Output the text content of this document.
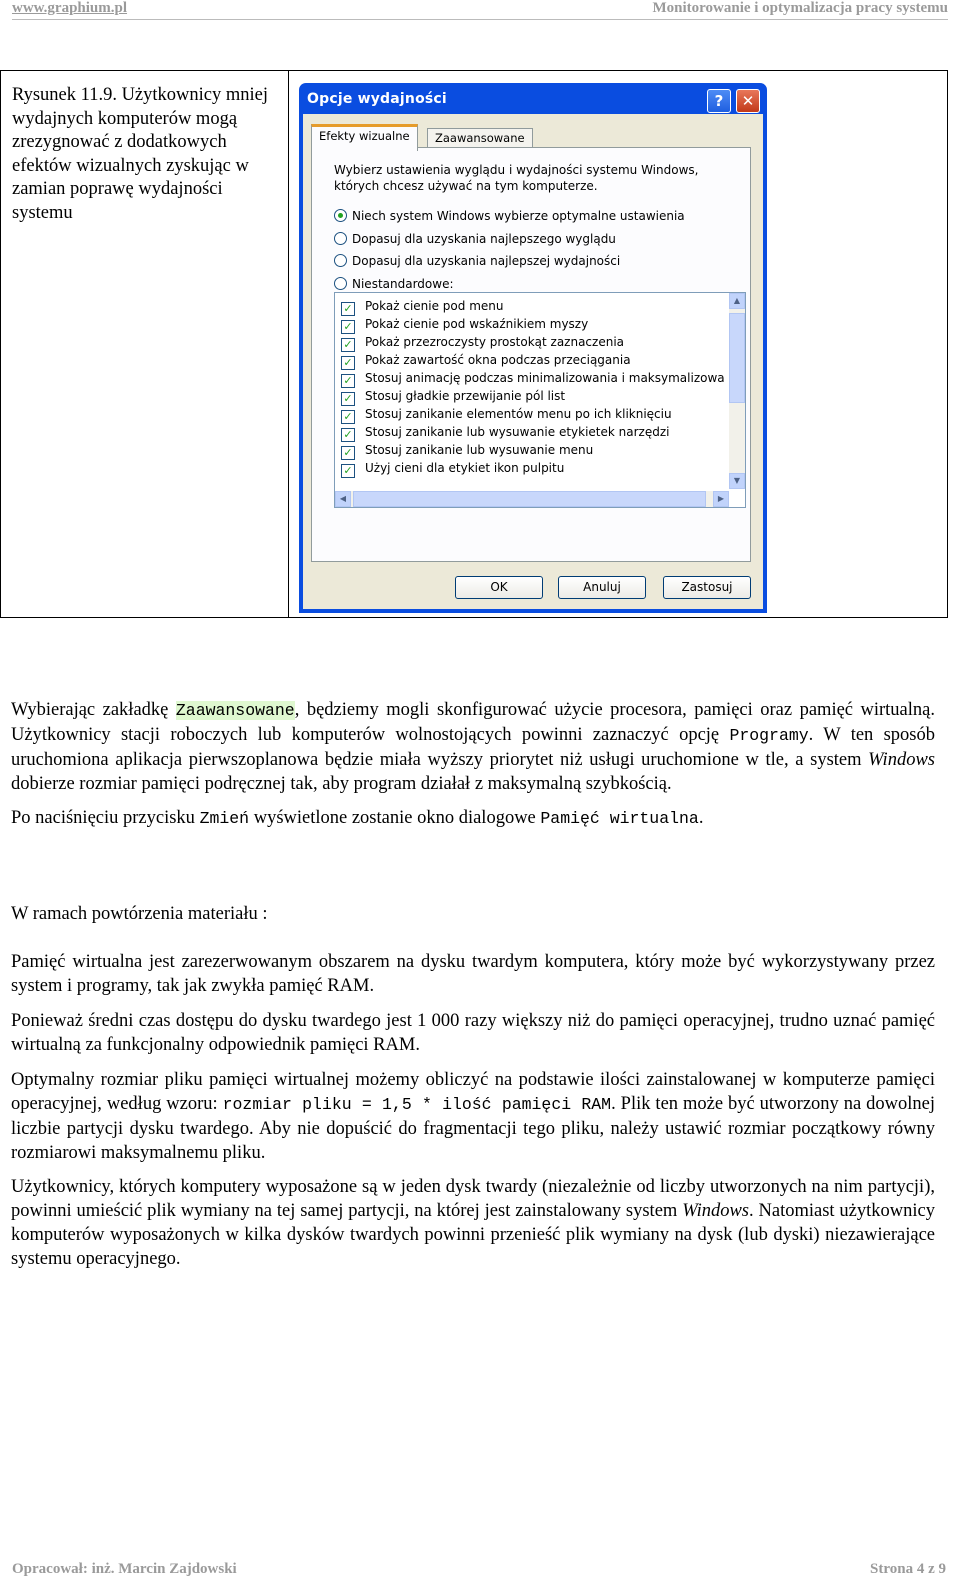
www.graphium.pl	Monitorowanie i optymalizacja pracy systemu
Rysunek 11.9. Użytkownicy mniej wydajnych komputerów mogą zrezygnować z dodatkowych efektów wizualnych zyskując w zamian poprawę wydajności systemu
Opcje wydajności	?	✕
Efekty wizualne	Zaawansowane
Wybierz ustawienia wyglądu i wydajności systemu Windows, których chcesz używać na tym komputerze.
Niech system Windows wybierze optymalne ustawienia
Dopasuj dla uzyskania najlepszego wyglądu
Dopasuj dla uzyskania najlepszej wydajności
Niestandardowe:
✓ Pokaż cienie pod menu
✓ Pokaż cienie pod wskaźnikiem myszy
✓ Pokaż przezroczysty prostokąt zaznaczenia
✓ Pokaż zawartość okna podczas przeciągania
✓ Stosuj animację podczas minimalizowania i maksymalizowa
✓ Stosuj gładkie przewijanie pól list
✓ Stosuj zanikanie elementów menu po ich kliknięciu
✓ Stosuj zanikanie lub wysuwanie etykietek narzędzi
✓ Stosuj zanikanie lub wysuwanie menu
✓ Użyj cieni dla etykiet ikon pulpitu
▲
▼
◀	▶
OK	Anuluj	Zastosuj
Wybierając zakładkę Zaawansowane, będziemy mogli skonfigurować użycie procesora, pamięci oraz pamięć wirtualną. Użytkownicy stacji roboczych lub komputerów wolnostojących powinni zaznaczyć opcję Programy. W ten sposób uruchomiona aplikacja pierwszoplanowa będzie miała wyższy priorytet niż usługi uruchomione w tle, a system Windows dobierze rozmiar pamięci podręcznej tak, aby program działał z maksymalną szybkością.
Po naciśnięciu przycisku Zmień wyświetlone zostanie okno dialogowe Pamięć wirtualna.
W ramach powtórzenia materiału :
Pamięć wirtualna jest zarezerwowanym obszarem na dysku twardym komputera, który może być wykorzystywany przez system i programy, tak jak zwykła pamięć RAM.
Ponieważ średni czas dostępu do dysku twardego jest 1 000 razy większy niż do pamięci operacyjnej, trudno uznać pamięć wirtualną za funkcjonalny odpowiednik pamięci RAM.
Optymalny rozmiar pliku pamięci wirtualnej możemy obliczyć na podstawie ilości zainstalowanej w komputerze pamięci operacyjnej, według wzoru: rozmiar pliku = 1,5 * ilość pamięci RAM. Plik ten może być utworzony na dowolnej liczbie partycji dysku twardego. Aby nie dopuścić do fragmentacji tego pliku, należy ustawić rozmiar początkowy równy rozmiarowi maksymalnemu pliku.
Użytkownicy, których komputery wyposażone są w jeden dysk twardy (niezależnie od liczby utworzonych na nim partycji), powinni umieścić plik wymiany na tej samej partycji, na której jest zainstalowany system Windows. Natomiast użytkownicy komputerów wyposażonych w kilka dysków twardych powinni przenieść plik wymiany na dysk (lub dyski) niezawierające systemu operacyjnego.
Opracował: inż. Marcin Zajdowski	Strona 4 z 9
